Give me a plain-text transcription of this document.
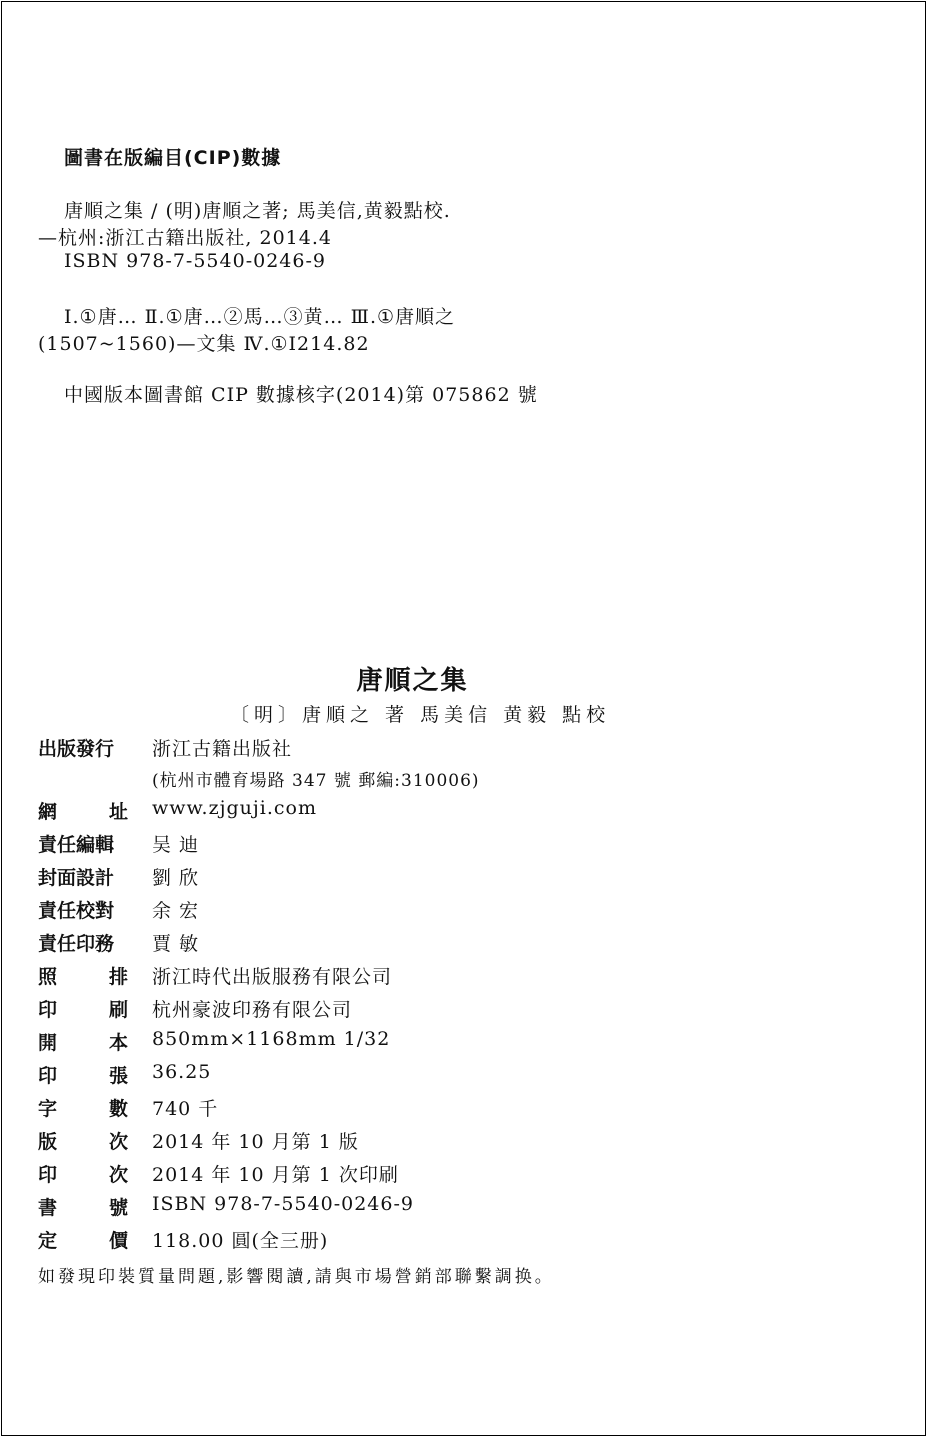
圖書在版編目(CIP)數據
唐順之集 / (明)唐順之著; 馬美信,黄毅點校.
—杭州:浙江古籍出版社, 2014.4
ISBN 978-7-5540-0246-9
Ⅰ.①唐… Ⅱ.①唐…②馬…③黄… Ⅲ.①唐順之
(1507~1560)—文集 Ⅳ.①I214.82
中國版本圖書館 CIP 數據核字(2014)第 075862 號
唐順之集
〔明〕唐順之 著 馬美信 黄毅 點校
出版發行	浙江古籍出版社
(杭州市體育場路 347 號 郵編:310006)
網	址 www.zjguji.com
責任編輯	吴 迪
封面設計	劉 欣
責任校對	余 宏
責任印務	賈 敏
照	排 浙江時代出版服務有限公司
印	刷 杭州豪波印務有限公司
開	本 850mm×1168mm 1/32
印	張 36.25
字	數 740 千
版	次 2014 年 10 月第 1 版
印	次 2014 年 10 月第 1 次印刷
書	號 ISBN 978-7-5540-0246-9
定	價 118.00 圓(全三册)
如發現印裝質量問題,影響閱讀,請與市場營銷部聯繫調换。
